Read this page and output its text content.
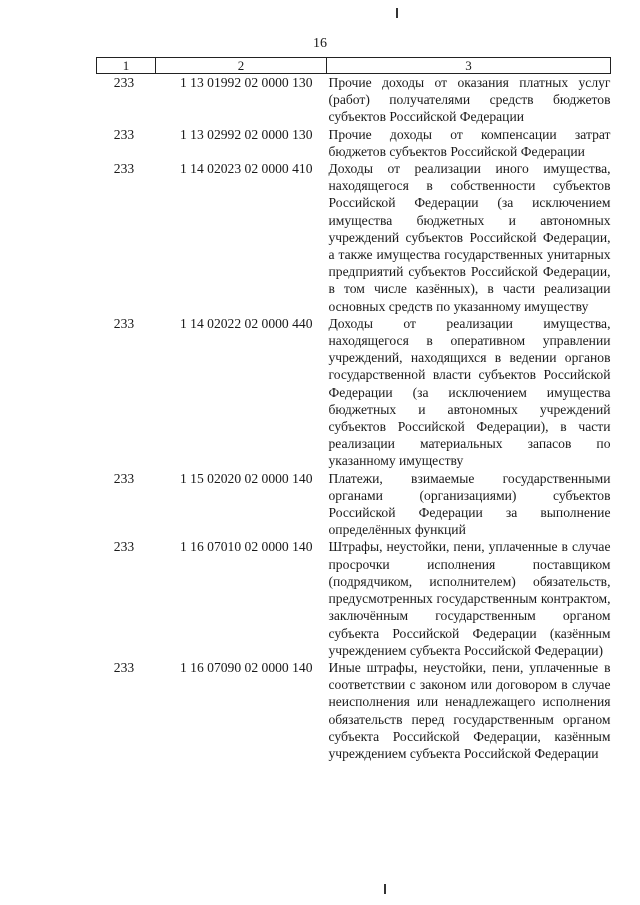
16
1	2	3
233	1 13 01992 02 0000 130	Прочие доходы от оказания платных услуг (работ) получателями средств бюджетов субъектов Российской Федерации
233	1 13 02992 02 0000 130	Прочие доходы от компенсации затрат бюджетов субъектов Российской Федерации
233	1 14 02023 02 0000 410	Доходы от реализации иного имущества, находящегося в собственности субъектов Российской Федерации (за исключением имущества бюджетных и автономных учреждений субъектов Российской Федерации, а также имущества государственных унитарных предприятий субъектов Российской Федерации, в том числе казённых), в части реализации основных средств по указанному имуществу
233	1 14 02022 02 0000 440	Доходы от реализации имущества, находящегося в оперативном управлении учреждений, находящихся в ведении органов государственной власти субъектов Российской Федерации (за исключением имущества бюджетных и автономных учреждений субъектов Российской Федерации), в части реализации материальных запасов по указанному имуществу
233	1 15 02020 02 0000 140	Платежи, взимаемые государственными органами (организациями) субъектов Российской Федерации за выполнение определённых функций
233	1 16 07010 02 0000 140	Штрафы, неустойки, пени, уплаченные в случае просрочки исполнения поставщиком (подрядчиком, исполнителем) обязательств, предусмотренных государственным контрактом, заключённым государственным органом субъекта Российской Федерации (казённым учреждением субъекта Российской Федерации)
233	1 16 07090 02 0000 140	Иные штрафы, неустойки, пени, уплаченные в соответствии с законом или договором в случае неисполнения или ненадлежащего исполнения обязательств перед государственным органом субъекта Российской Федерации, казённым учреждением субъекта Российской Федерации
